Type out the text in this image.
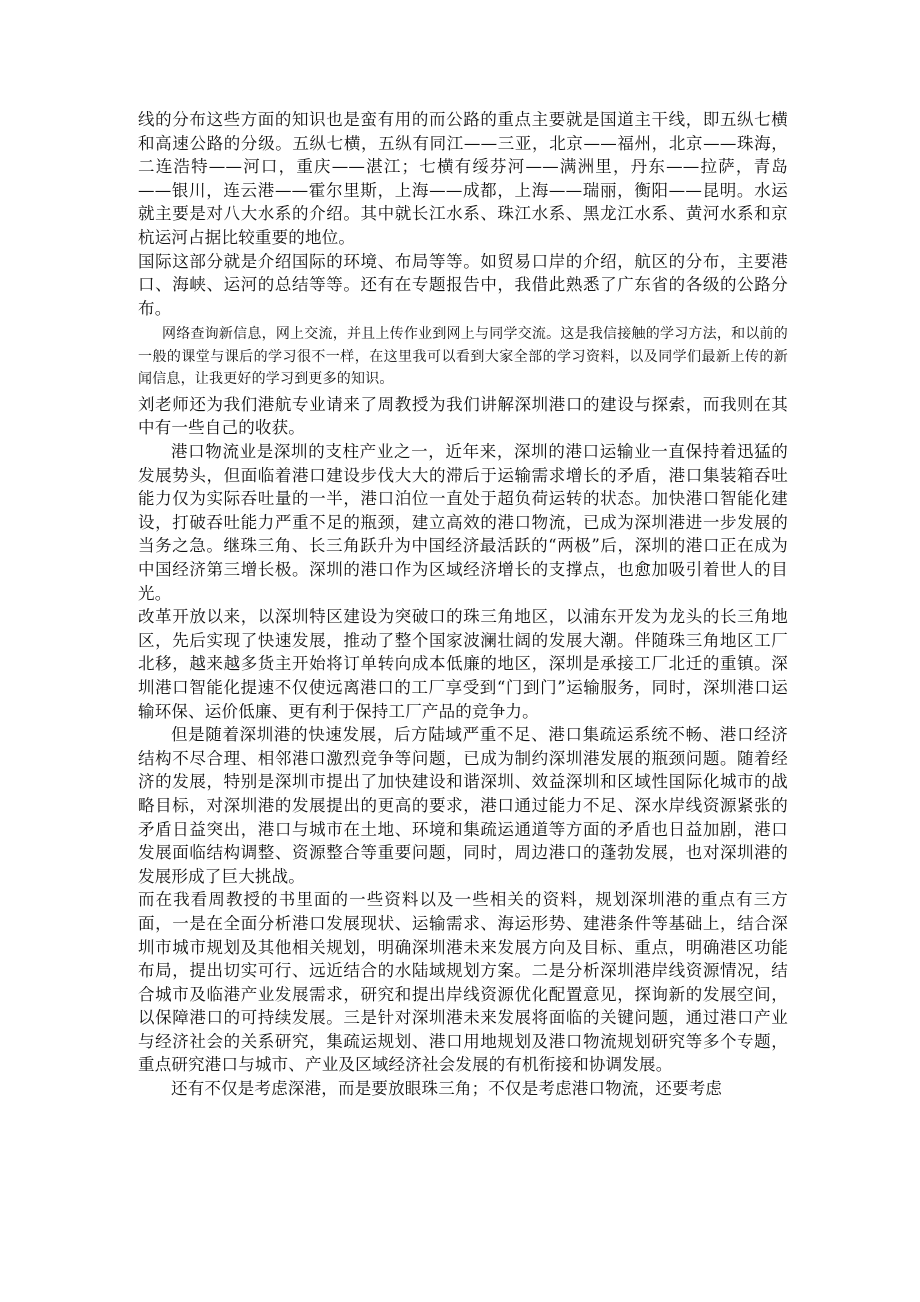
线的分布这些方面的知识也是蛮有用的而公路的重点主要就是国道主干线，即五纵七横和高速公路的分级。五纵七横，五纵有同江——三亚，北京——福州，北京——珠海，二连浩特——河口，重庆——湛江；七横有绥芬河——满洲里，丹东——拉萨，青岛——银川，连云港——霍尔里斯，上海——成都，上海——瑞丽，衡阳——昆明。水运就主要是对八大水系的介绍。其中就长江水系、珠江水系、黑龙江水系、黄河水系和京杭运河占据比较重要的地位。

国际这部分就是介绍国际的环境、布局等等。如贸易口岸的介绍，航区的分布，主要港口、海峡、运河的总结等等。还有在专题报告中，我借此熟悉了广东省的各级的公路分布。

网络查询新信息，网上交流，并且上传作业到网上与同学交流。这是我信接触的学习方法，和以前的一般的课堂与课后的学习很不一样，在这里我可以看到大家全部的学习资料，以及同学们最新上传的新闻信息，让我更好的学习到更多的知识。

刘老师还为我们港航专业请来了周教授为我们讲解深圳港口的建设与探索，而我则在其中有一些自己的收获。

港口物流业是深圳的支柱产业之一，近年来，深圳的港口运输业一直保持着迅猛的发展势头，但面临着港口建设步伐大大的滞后于运输需求增长的矛盾，港口集装箱吞吐能力仅为实际吞吐量的一半，港口泊位一直处于超负荷运转的状态。加快港口智能化建设，打破吞吐能力严重不足的瓶颈，建立高效的港口物流，已成为深圳港进一步发展的当务之急。继珠三角、长三角跃升为中国经济最活跃的“两极”后，深圳的港口正在成为中国经济第三增长极。深圳的港口作为区域经济增长的支撑点，也愈加吸引着世人的目光。

改革开放以来，以深圳特区建设为突破口的珠三角地区，以浦东开发为龙头的长三角地区，先后实现了快速发展，推动了整个国家波澜壮阔的发展大潮。伴随珠三角地区工厂北移，越来越多货主开始将订单转向成本低廉的地区，深圳是承接工厂北迁的重镇。深圳港口智能化提速不仅使远离港口的工厂享受到“门到门”运输服务，同时，深圳港口运输环保、运价低廉、更有利于保持工厂产品的竞争力。

但是随着深圳港的快速发展，后方陆域严重不足、港口集疏运系统不畅、港口经济结构不尽合理、相邻港口激烈竞争等问题，已成为制约深圳港发展的瓶颈问题。随着经济的发展，特别是深圳市提出了加快建设和谐深圳、效益深圳和区域性国际化城市的战略目标，对深圳港的发展提出的更高的要求，港口通过能力不足、深水岸线资源紧张的矛盾日益突出，港口与城市在土地、环境和集疏运通道等方面的矛盾也日益加剧，港口发展面临结构调整、资源整合等重要问题，同时，周边港口的蓬勃发展，也对深圳港的发展形成了巨大挑战。

而在我看周教授的书里面的一些资料以及一些相关的资料，规划深圳港的重点有三方面，一是在全面分析港口发展现状、运输需求、海运形势、建港条件等基础上，结合深圳市城市规划及其他相关规划，明确深圳港未来发展方向及目标、重点，明确港区功能布局，提出切实可行、远近结合的水陆域规划方案。二是分析深圳港岸线资源情况，结合城市及临港产业发展需求，研究和提出岸线资源优化配置意见，探询新的发展空间，以保障港口的可持续发展。三是针对深圳港未来发展将面临的关键问题，通过港口产业与经济社会的关系研究，集疏运规划、港口用地规划及港口物流规划研究等多个专题，重点研究港口与城市、产业及区域经济社会发展的有机衔接和协调发展。

还有不仅是考虑深港，而是要放眼珠三角；不仅是考虑港口物流，还要考虑
